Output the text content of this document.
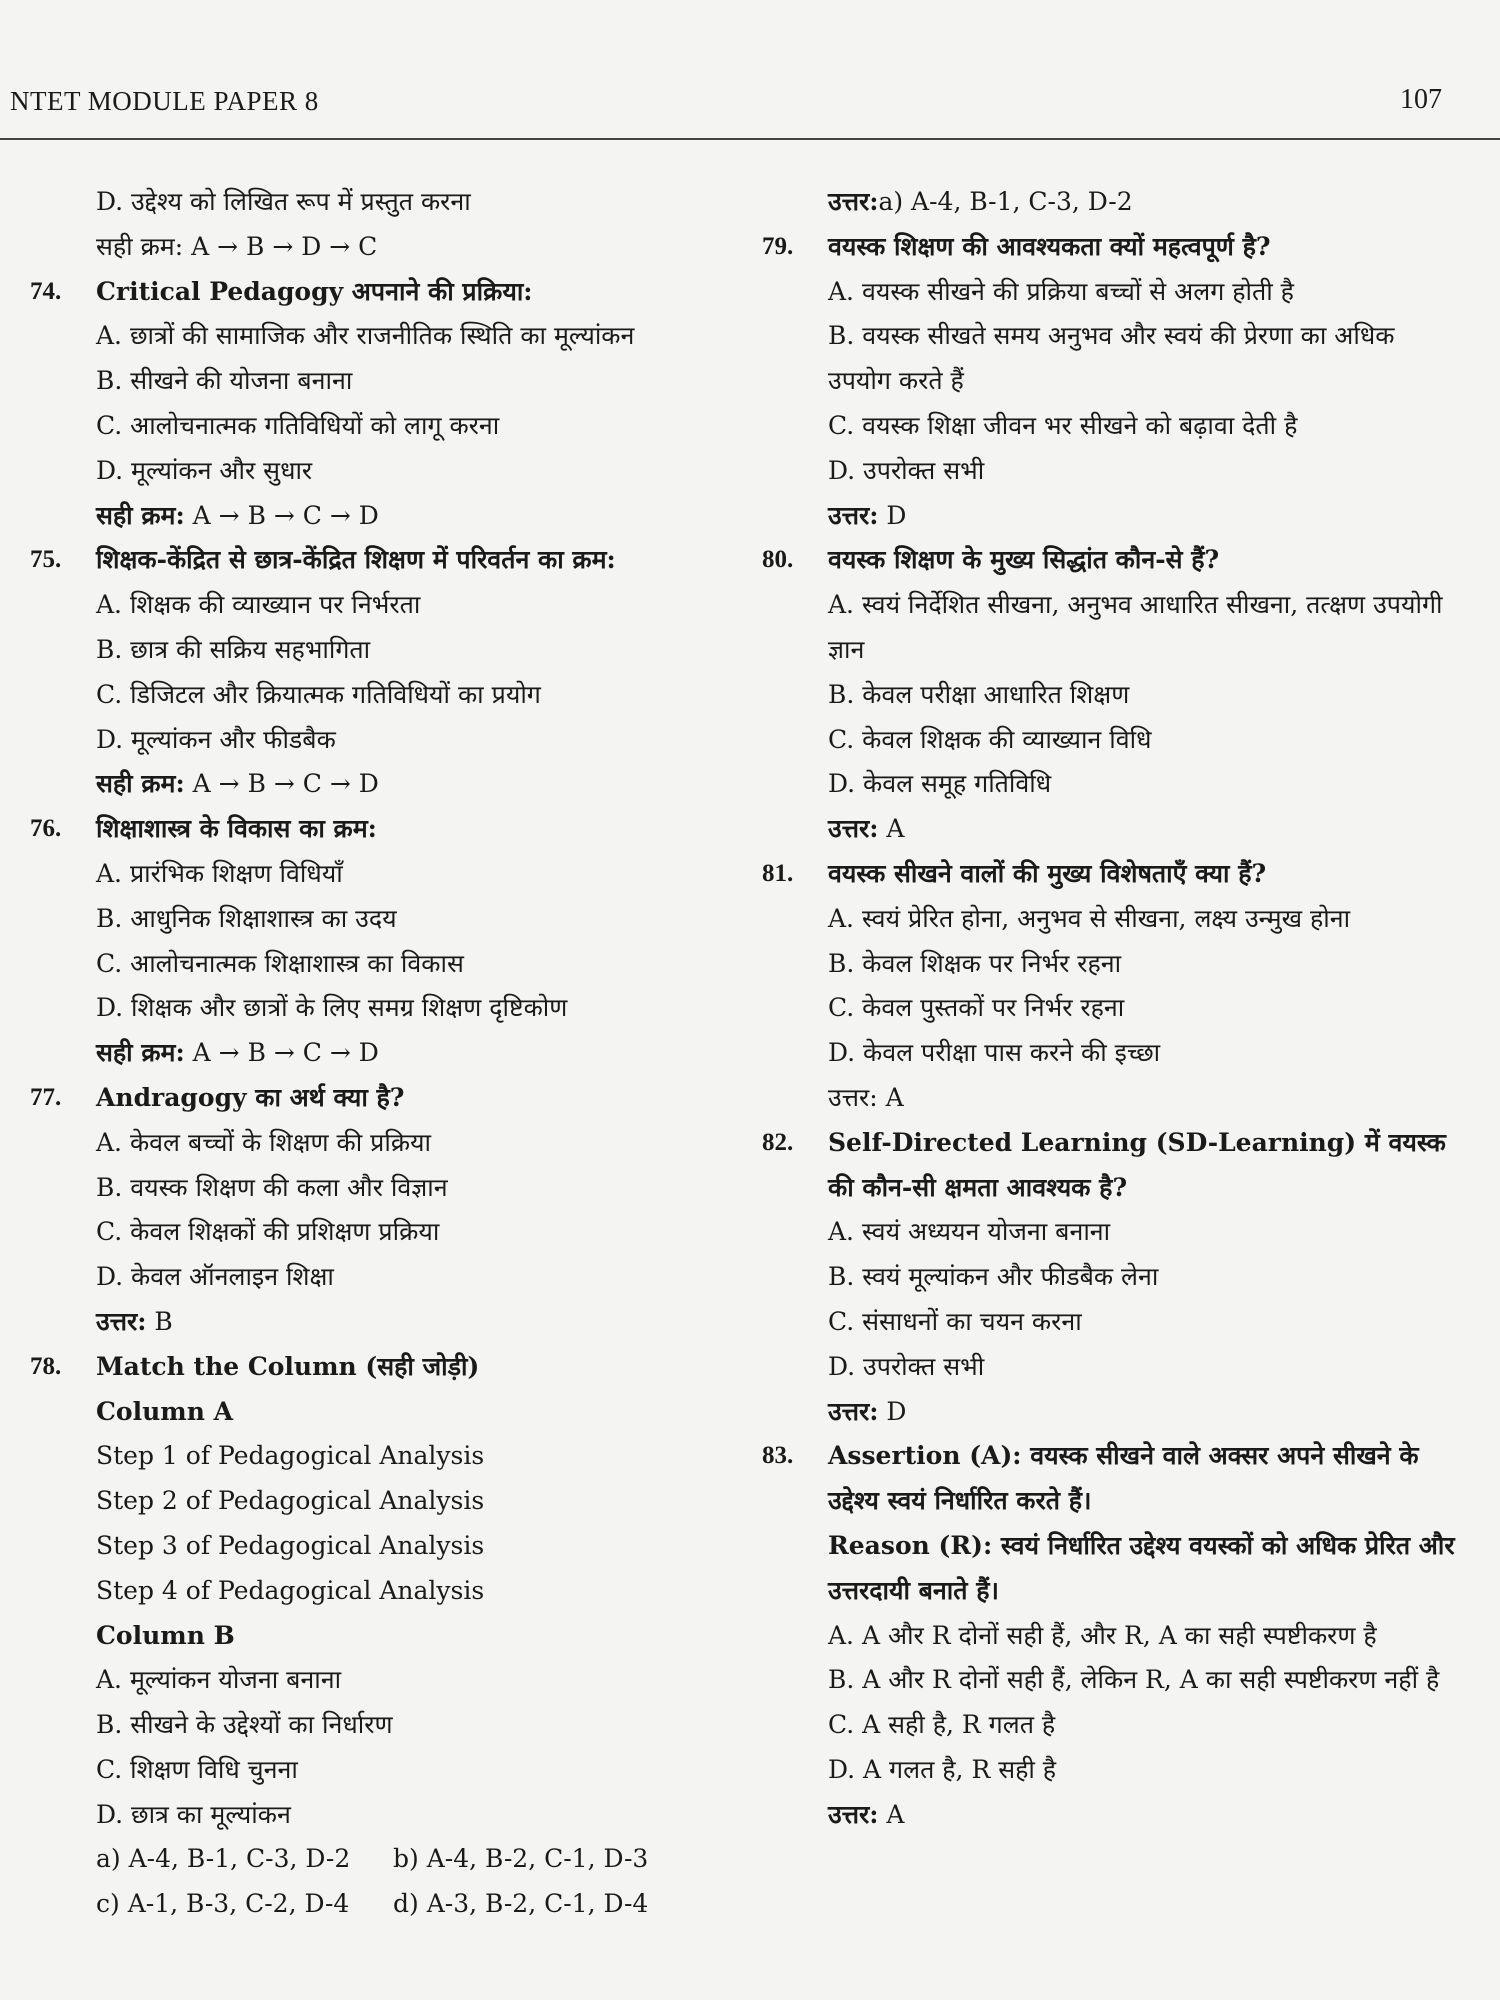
NTET MODULE PAPER 8	107
D. उद्देश्य को लिखित रूप में प्रस्तुत करना
सही क्रम: A → B → D → C
74.	Critical Pedagogy अपनाने की प्रक्रिया:
A. छात्रों की सामाजिक और राजनीतिक स्थिति का मूल्यांकन
B. सीखने की योजना बनाना
C. आलोचनात्मक गतिविधियों को लागू करना
D. मूल्यांकन और सुधार
सही क्रम: A → B → C → D
75.	शिक्षक-केंद्रित से छात्र-केंद्रित शिक्षण में परिवर्तन का क्रम:
A. शिक्षक की व्याख्यान पर निर्भरता
B. छात्र की सक्रिय सहभागिता
C. डिजिटल और क्रियात्मक गतिविधियों का प्रयोग
D. मूल्यांकन और फीडबैक
सही क्रम: A → B → C → D
76.	शिक्षाशास्त्र के विकास का क्रम:
A. प्रारंभिक शिक्षण विधियाँ
B. आधुनिक शिक्षाशास्त्र का उदय
C. आलोचनात्मक शिक्षाशास्त्र का विकास
D. शिक्षक और छात्रों के लिए समग्र शिक्षण दृष्टिकोण
सही क्रम: A → B → C → D
77.	Andragogy का अर्थ क्या है?
A. केवल बच्चों के शिक्षण की प्रक्रिया
B. वयस्क शिक्षण की कला और विज्ञान
C. केवल शिक्षकों की प्रशिक्षण प्रक्रिया
D. केवल ऑनलाइन शिक्षा
उत्तर: B
78.	Match the Column (सही जोड़ी)
Column A
Step 1 of Pedagogical Analysis
Step 2 of Pedagogical Analysis
Step 3 of Pedagogical Analysis
Step 4 of Pedagogical Analysis
Column B
A. मूल्यांकन योजना बनाना
B. सीखने के उद्देश्यों का निर्धारण
C. शिक्षण विधि चुनना
D. छात्र का मूल्यांकन
a) A-4, B-1, C-3, D-2	b) A-4, B-2, C-1, D-3
c) A-1, B-3, C-2, D-4	d) A-3, B-2, C-1, D-4
उत्तर:a) A-4, B-1, C-3, D-2
79.	वयस्क शिक्षण की आवश्यकता क्यों महत्वपूर्ण है?
A. वयस्क सीखने की प्रक्रिया बच्चों से अलग होती है
B. वयस्क सीखते समय अनुभव और स्वयं की प्रेरणा का अधिक उपयोग करते हैं
C. वयस्क शिक्षा जीवन भर सीखने को बढ़ावा देती है
D. उपरोक्त सभी
उत्तर: D
80.	वयस्क शिक्षण के मुख्य सिद्धांत कौन-से हैं?
A. स्वयं निर्देशित सीखना, अनुभव आधारित सीखना, तत्क्षण उपयोगी ज्ञान
B. केवल परीक्षा आधारित शिक्षण
C. केवल शिक्षक की व्याख्यान विधि
D. केवल समूह गतिविधि
उत्तर: A
81.	वयस्क सीखने वालों की मुख्य विशेषताएँ क्या हैं?
A. स्वयं प्रेरित होना, अनुभव से सीखना, लक्ष्य उन्मुख होना
B. केवल शिक्षक पर निर्भर रहना
C. केवल पुस्तकों पर निर्भर रहना
D. केवल परीक्षा पास करने की इच्छा
उत्तर: A
82.	Self-Directed Learning (SD-Learning) में वयस्क की कौन-सी क्षमता आवश्यक है?
A. स्वयं अध्ययन योजना बनाना
B. स्वयं मूल्यांकन और फीडबैक लेना
C. संसाधनों का चयन करना
D. उपरोक्त सभी
उत्तर: D
83.	Assertion (A): वयस्क सीखने वाले अक्सर अपने सीखने के उद्देश्य स्वयं निर्धारित करते हैं।
Reason (R): स्वयं निर्धारित उद्देश्य वयस्कों को अधिक प्रेरित और उत्तरदायी बनाते हैं।
A. A और R दोनों सही हैं, और R, A का सही स्पष्टीकरण है
B. A और R दोनों सही हैं, लेकिन R, A का सही स्पष्टीकरण नहीं है
C. A सही है, R गलत है
D. A गलत है, R सही है
उत्तर: A
